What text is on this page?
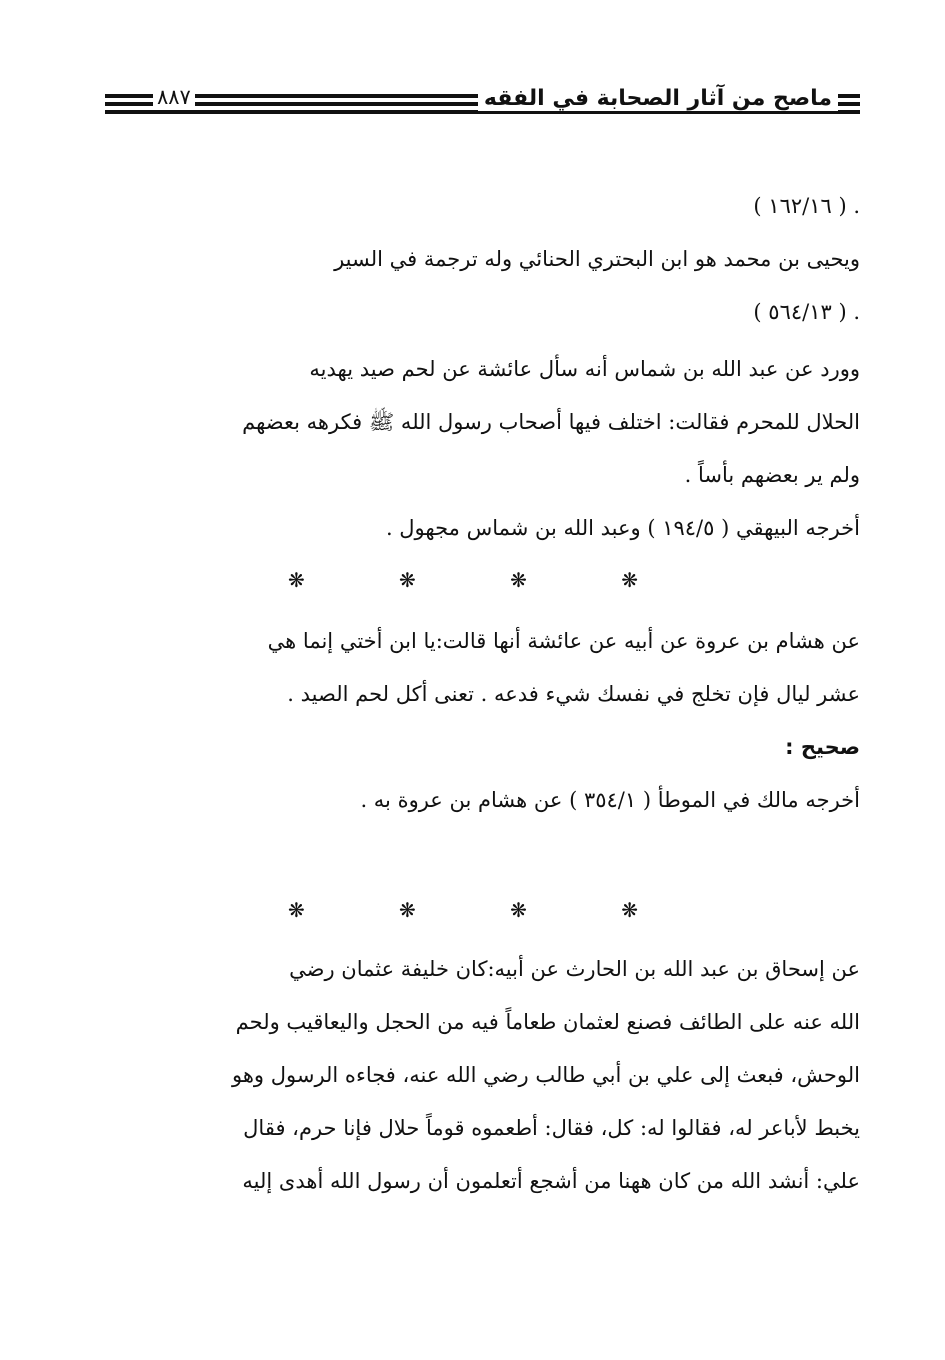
ماصح من آثار الصحابة في الفقه
٨٨٧
. ( ١٦٢/١٦ )
ويحيى بن محمد هو ابن البحتري الحنائي وله ترجمة في السير
. ( ٥٦٤/١٣ )
وورد عن عبد الله بن شماس أنه سأل عائشة عن لحم صيد يهديه
الحلال للمحرم فقالت: اختلف فيها أصحاب رسول الله ﷺ فكرهه بعضهم
ولم ير بعضهم بأساً .
أخرجه البيهقي ( ١٩٤/٥ ) وعبد الله بن شماس مجهول .
❋ ❋ ❋ ❋
عن هشام بن عروة عن أبيه عن عائشة أنها قالت:يا ابن أختي إنما هي
عشر ليال فإن تخلج في نفسك شيء فدعه . تعنى أكل لحم الصيد .
صحيح :
أخرجه مالك في الموطأ ( ٣٥٤/١ ) عن هشام بن عروة به .
❋ ❋ ❋ ❋
عن إسحاق بن عبد الله بن الحارث عن أبيه:كان خليفة عثمان رضي
الله عنه على الطائف فصنع لعثمان طعاماً فيه من الحجل واليعاقيب ولحم
الوحش، فبعث إلى علي بن أبي طالب رضي الله عنه، فجاءه الرسول وهو
يخبط لأباعر له، فقالوا له: كل، فقال: أطعموه قوماً حلال فإنا حرم، فقال
علي: أنشد الله من كان ههنا من أشجع أتعلمون أن رسول الله أهدى إليه
